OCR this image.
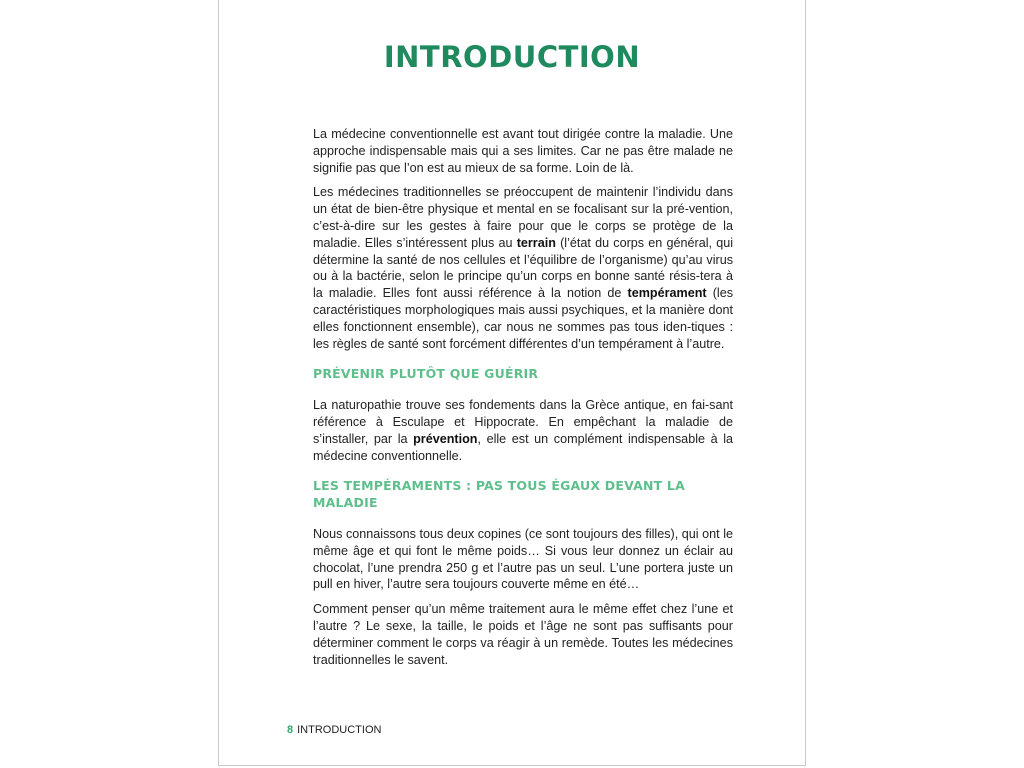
INTRODUCTION

La médecine conventionnelle est avant tout dirigée contre la maladie. Une approche indispensable mais qui a ses limites. Car ne pas être malade ne signifie pas que l’on est au mieux de sa forme. Loin de là.

Les médecines traditionnelles se préoccupent de maintenir l’individu dans un état de bien-être physique et mental en se focalisant sur la pré-vention, c’est-à-dire sur les gestes à faire pour que le corps se protège de la maladie. Elles s’intéressent plus au terrain (l’état du corps en général, qui détermine la santé de nos cellules et l’équilibre de l’organisme) qu’au virus ou à la bactérie, selon le principe qu’un corps en bonne santé résis-tera à la maladie. Elles font aussi référence à la notion de tempérament (les caractéristiques morphologiques mais aussi psychiques, et la manière dont elles fonctionnent ensemble), car nous ne sommes pas tous iden-tiques : les règles de santé sont forcément différentes d’un tempérament à l’autre.

PRÉVENIR PLUTÔT QUE GUÉRIR

La naturopathie trouve ses fondements dans la Grèce antique, en fai-sant référence à Esculape et Hippocrate. En empêchant la maladie de s’installer, par la prévention, elle est un complément indispensable à la médecine conventionnelle.

LES TEMPÉRAMENTS : PAS TOUS ÉGAUX DEVANT LA MALADIE

Nous connaissons tous deux copines (ce sont toujours des filles), qui ont le même âge et qui font le même poids… Si vous leur donnez un éclair au chocolat, l’une prendra 250 g et l’autre pas un seul. L’une portera juste un pull en hiver, l’autre sera toujours couverte même en été…

Comment penser qu’un même traitement aura le même effet chez l’une et l’autre ? Le sexe, la taille, le poids et l’âge ne sont pas suffisants pour déterminer comment le corps va réagir à un remède. Toutes les médecines traditionnelles le savent.

8 INTRODUCTION
